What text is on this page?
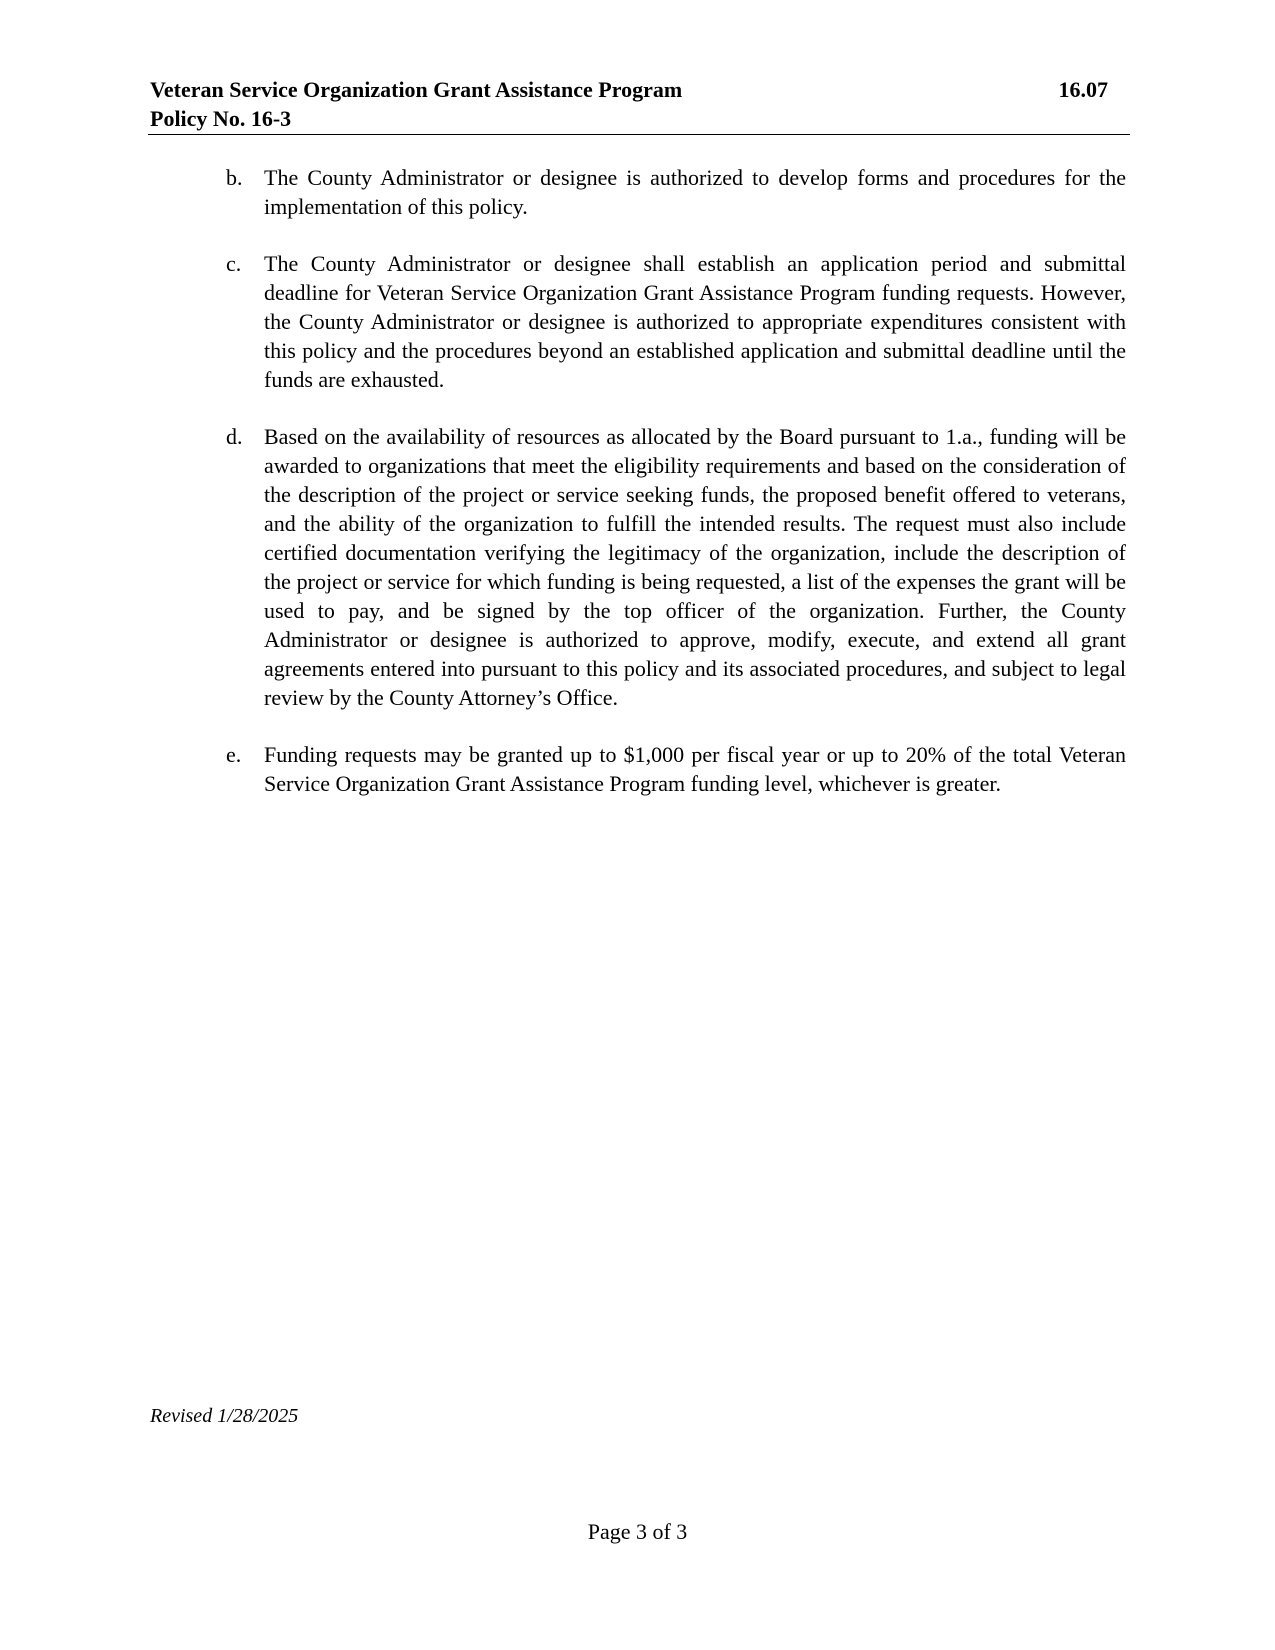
Veteran Service Organization Grant Assistance Program	16.07
Policy No. 16-3
b. The County Administrator or designee is authorized to develop forms and procedures for the implementation of this policy.
c.	The County Administrator or designee shall establish an application period and submittal deadline for Veteran Service Organization Grant Assistance Program funding requests. However, the County Administrator or designee is authorized to appropriate expenditures consistent with this policy and the procedures beyond an established application and submittal deadline until the funds are exhausted.
d. Based on the availability of resources as allocated by the Board pursuant to 1.a., funding will be awarded to organizations that meet the eligibility requirements and based on the consideration of the description of the project or service seeking funds, the proposed benefit offered to veterans, and the ability of the organization to fulfill the intended results. The request must also include certified documentation verifying the legitimacy of the organization, include the description of the project or service for which funding is being requested, a list of the expenses the grant will be used to pay, and be signed by the top officer of the organization. Further, the County Administrator or designee is authorized to approve, modify, execute, and extend all grant agreements entered into pursuant to this policy and its associated procedures, and subject to legal review by the County Attorney’s Office.
e.	Funding requests may be granted up to $1,000 per fiscal year or up to 20% of the total Veteran Service Organization Grant Assistance Program funding level, whichever is greater.
Revised 1/28/2025
Page 3 of 3
